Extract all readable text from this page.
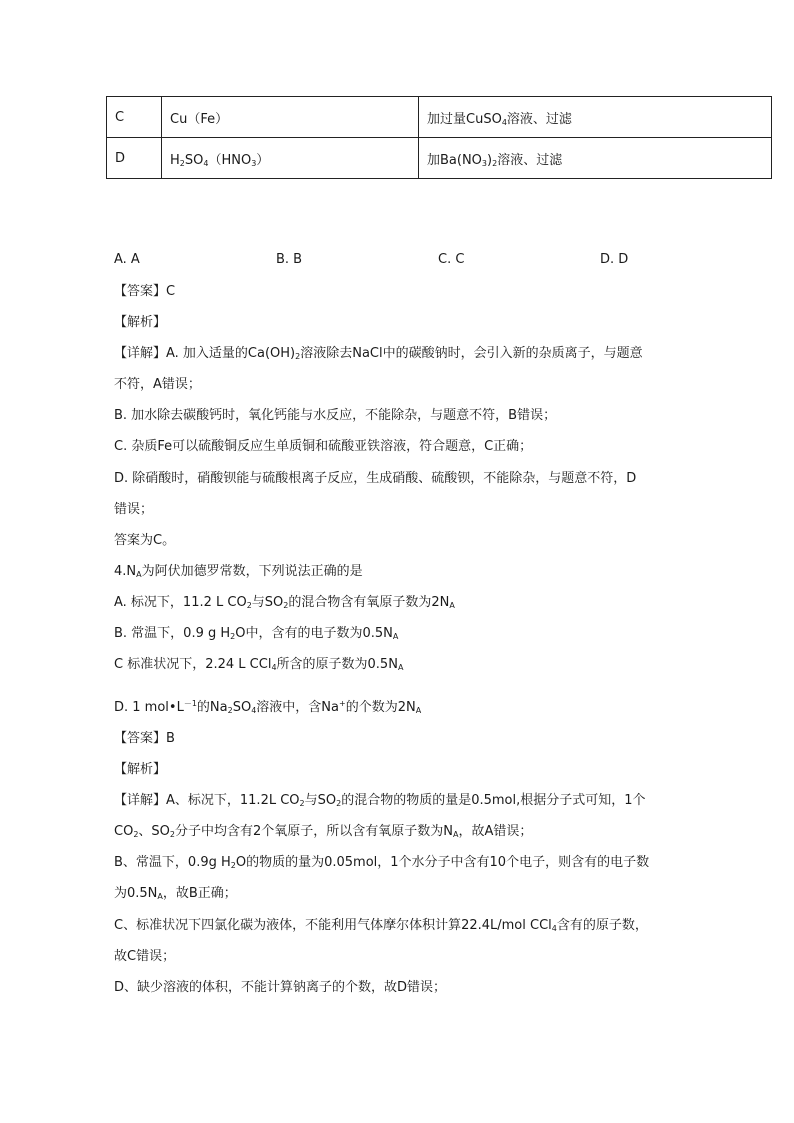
C	Cu（Fe）	加过量CuSO$_4$溶液、过滤
D	$H_2SO_4(HNO_3)$	加$Ba(NO_3)_2$溶液、过滤
A. A	B. B	C. C	D. D
【答案】C
【解析】
【详解】A. 加入适量的$Ca(OH)_2$溶液除去NaCl中的碳酸钠时，会引入新的杂质离子，与题意
不符，A错误；
B. 加水除去碳酸钙时，氧化钙能与水反应，不能除杂，与题意不符，B错误；
C. 杂质Fe可以硫酸铜反应生单质铜和硫酸亚铁溶液，符合题意，C正确；
D. 除硝酸时，硝酸钡能与硫酸根离子反应，生成硝酸、硫酸钡，不能除杂，与题意不符，D
错误；
答案为C。
$4.N_A$为阿伏加德罗常数，下列说法正确的是
A. 标况下，11.2 L $CO_2$与$SO_2$的混合物含有氧原子数为$2N_A$
B. 常温下，0.9 g $H_2O$中，含有的电子数为$0.5N_A$
C 标准状况下，2.24 L CCl$_4$所含的原子数为$0.5N_A$
D. 1 $mol•L^{-1}$的$Na_2SO_4$溶液中，含Na+的个数为$2N_A$
【答案】B
【解析】
【详解】A、标况下，11.2L $CO_2$与$SO_2$的混合物的物质的量是0.5mol,根据分子式可知，1个
$CO_2$、$SO_2$分子中均含有2个氧原子，所以含有氧原子数为$N_A$，故A错误；
B、常温下，0.9g $H_2O$的物质的量为0.05mol，1个水分子中含有10个电子，则含有的电子数
为$0.5N_A$，故B正确；
C、标准状况下四氯化碳为液体，不能利用气体摩尔体积计算22.4L/mol CCl$_4$含有的原子数，
故C错误；
D、缺少溶液的体积，不能计算钠离子的个数，故D错误；
